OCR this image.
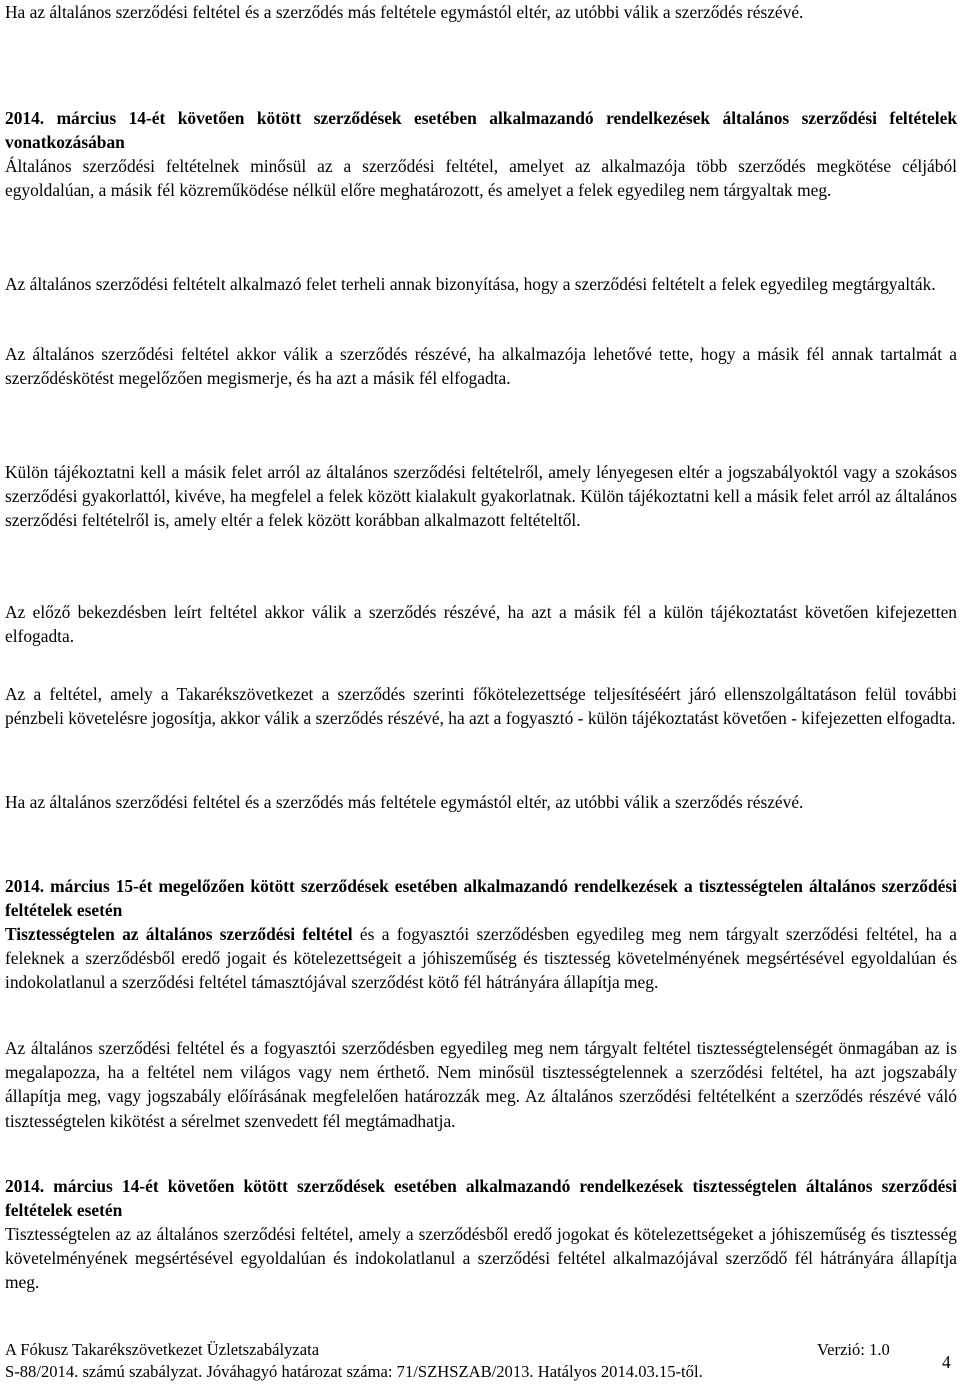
Ha az általános szerződési feltétel és a szerződés más feltétele egymástól eltér, az utóbbi válik a szerződés részévé.

2014. március 14-ét követően kötött szerződések esetében alkalmazandó rendelkezések általános szerződési feltételek vonatkozásában

Általános szerződési feltételnek minősül az a szerződési feltétel, amelyet az alkalmazója több szerződés megkötése céljából egyoldalúan, a másik fél közreműködése nélkül előre meghatározott, és amelyet a felek egyedileg nem tárgyaltak meg.

Az általános szerződési feltételt alkalmazó felet terheli annak bizonyítása, hogy a szerződési feltételt a felek egyedileg megtárgyalták.

Az általános szerződési feltétel akkor válik a szerződés részévé, ha alkalmazója lehetővé tette, hogy a másik fél annak tartalmát a szerződéskötést megelőzően megismerje, és ha azt a másik fél elfogadta.

Külön tájékoztatni kell a másik felet arról az általános szerződési feltételről, amely lényegesen eltér a jogszabályoktól vagy a szokásos szerződési gyakorlattól, kivéve, ha megfelel a felek között kialakult gyakorlatnak. Külön tájékoztatni kell a másik felet arról az általános szerződési feltételről is, amely eltér a felek között korábban alkalmazott feltételtől.

Az előző bekezdésben leírt feltétel akkor válik a szerződés részévé, ha azt a másik fél a külön tájékoztatást követően kifejezetten elfogadta.

Az a feltétel, amely a Takarékszövetkezet a szerződés szerinti főkötelezettsége teljesítéséért járó ellenszolgáltatáson felül további pénzbeli követelésre jogosítja, akkor válik a szerződés részévé, ha azt a fogyasztó - külön tájékoztatást követően - kifejezetten elfogadta.

Ha az általános szerződési feltétel és a szerződés más feltétele egymástól eltér, az utóbbi válik a szerződés részévé.

2014. március 15-ét megelőzően kötött szerződések esetében alkalmazandó rendelkezések a tisztességtelen általános szerződési feltételek esetén

Tisztességtelen az általános szerződési feltétel és a fogyasztói szerződésben egyedileg meg nem tárgyalt szerződési feltétel, ha a feleknek a szerződésből eredő jogait és kötelezettségeit a jóhiszeműség és tisztesség követelményének megsértésével egyoldalúan és indokolatlanul a szerződési feltétel támasztójával szerződést kötő fél hátrányára állapítja meg.

Az általános szerződési feltétel és a fogyasztói szerződésben egyedileg meg nem tárgyalt feltétel tisztességtelenségét önmagában az is megalapozza, ha a feltétel nem világos vagy nem érthető. Nem minősül tisztességtelennek a szerződési feltétel, ha azt jogszabály állapítja meg, vagy jogszabály előírásának megfelelően határozzák meg. Az általános szerződési feltételként a szerződés részévé váló tisztességtelen kikötést a sérelmet szenvedett fél megtámadhatja.

2014. március 14-ét követően kötött szerződések esetében alkalmazandó rendelkezések tisztességtelen általános szerződési feltételek esetén

Tisztességtelen az az általános szerződési feltétel, amely a szerződésből eredő jogokat és kötelezettségeket a jóhiszeműség és tisztesség követelményének megsértésével egyoldalúan és indokolatlanul a szerződési feltétel alkalmazójával szerződő fél hátrányára állapítja meg.

A Fókusz Takarékszövetkezet Üzletszabályzata	Verzió: 1.0
S-88/2014. számú szabályzat. Jóváhagyó határozat száma: 71/SZHSZAB/2013. Hatályos 2014.03.15-től.	4
